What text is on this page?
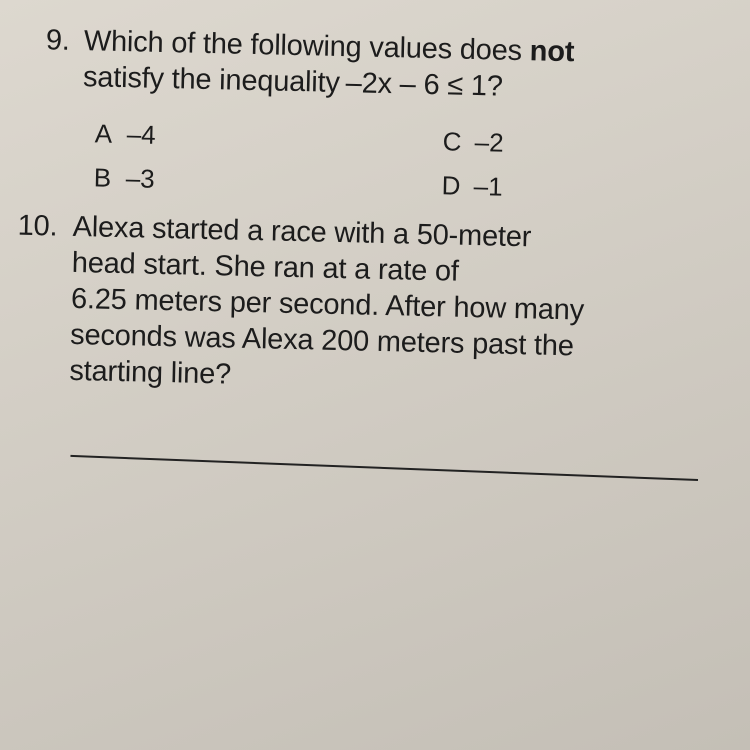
9. Which of the following values does not
satisfy the inequality –2x – 6 ≤ 1?
A –4
B –3
C –2
D –1
10. Alexa started a race with a 50-meter
head start. She ran at a rate of
6.25 meters per second. After how many
seconds was Alexa 200 meters past the
starting line?
